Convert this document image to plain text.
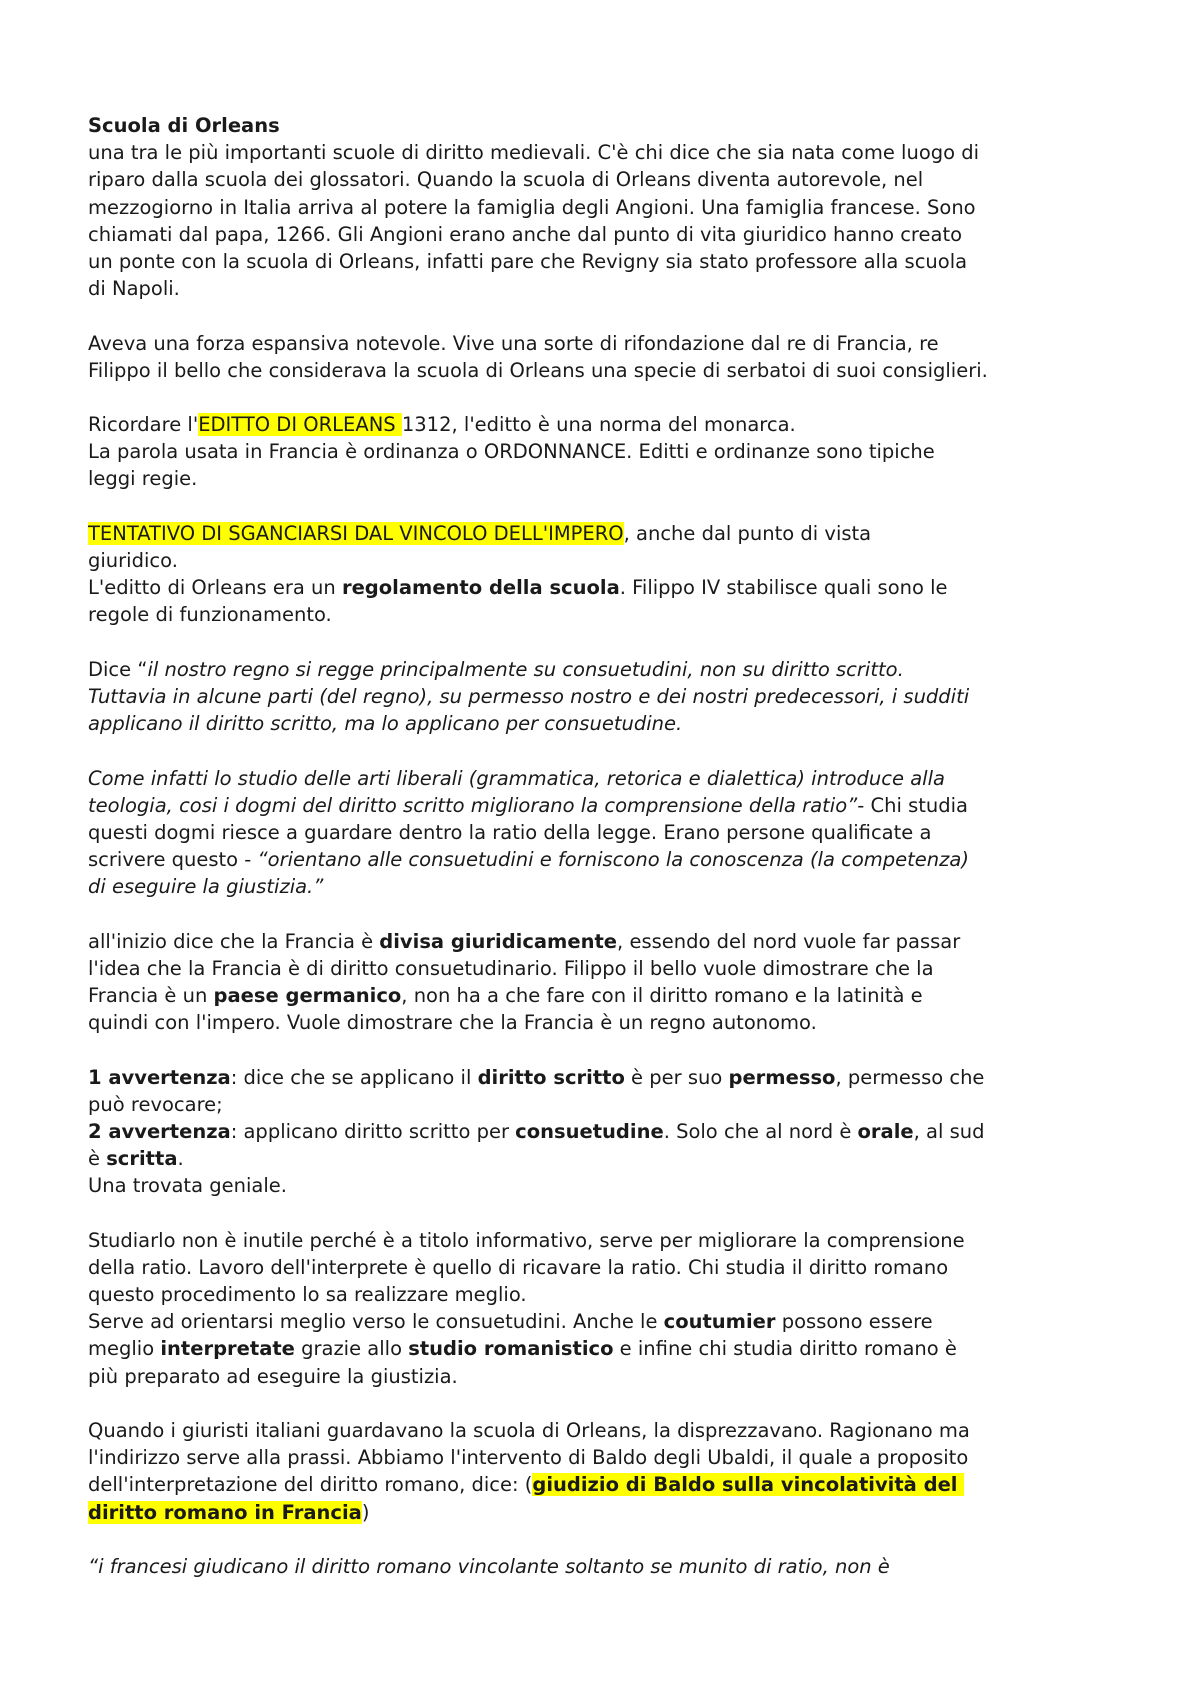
Scuola di Orleans
una tra le più importanti scuole di diritto medievali. C'è chi dice che sia nata come luogo di
riparo dalla scuola dei glossatori. Quando la scuola di Orleans diventa autorevole, nel
mezzogiorno in Italia arriva al potere la famiglia degli Angioni. Una famiglia francese. Sono
chiamati dal papa, 1266. Gli Angioni erano anche dal punto di vita giuridico hanno creato
un ponte con la scuola di Orleans, infatti pare che Revigny sia stato professore alla scuola
di Napoli.
Aveva una forza espansiva notevole. Vive una sorte di rifondazione dal re di Francia, re
Filippo il bello che considerava la scuola di Orleans una specie di serbatoi di suoi consiglieri.
Ricordare l'EDITTO DI ORLEANS 1312, l'editto è una norma del monarca.
La parola usata in Francia è ordinanza o ORDONNANCE. Editti e ordinanze sono tipiche
leggi regie.
TENTATIVO DI SGANCIARSI DAL VINCOLO DELL'IMPERO, anche dal punto di vista
giuridico.
L'editto di Orleans era un regolamento della scuola. Filippo IV stabilisce quali sono le
regole di funzionamento.
Dice “il nostro regno si regge principalmente su consuetudini, non su diritto scritto.
Tuttavia in alcune parti (del regno), su permesso nostro e dei nostri predecessori, i sudditi
applicano il diritto scritto, ma lo applicano per consuetudine.
Come infatti lo studio delle arti liberali (grammatica, retorica e dialettica) introduce alla
teologia, cosi i dogmi del diritto scritto migliorano la comprensione della ratio”- Chi studia
questi dogmi riesce a guardare dentro la ratio della legge. Erano persone qualificate a
scrivere questo - “orientano alle consuetudini e forniscono la conoscenza (la competenza)
di eseguire la giustizia.”
all'inizio dice che la Francia è divisa giuridicamente, essendo del nord vuole far passar
l'idea che la Francia è di diritto consuetudinario. Filippo il bello vuole dimostrare che la
Francia è un paese germanico, non ha a che fare con il diritto romano e la latinità e
quindi con l'impero. Vuole dimostrare che la Francia è un regno autonomo.
1 avvertenza: dice che se applicano il diritto scritto è per suo permesso, permesso che
può revocare;
2 avvertenza: applicano diritto scritto per consuetudine. Solo che al nord è orale, al sud
è scritta.
Una trovata geniale.
Studiarlo non è inutile perché è a titolo informativo, serve per migliorare la comprensione
della ratio. Lavoro dell'interprete è quello di ricavare la ratio. Chi studia il diritto romano
questo procedimento lo sa realizzare meglio.
Serve ad orientarsi meglio verso le consuetudini. Anche le coutumier possono essere
meglio interpretate grazie allo studio romanistico e infine chi studia diritto romano è
più preparato ad eseguire la giustizia.
Quando i giuristi italiani guardavano la scuola di Orleans, la disprezzavano. Ragionano ma
l'indirizzo serve alla prassi. Abbiamo l'intervento di Baldo degli Ubaldi, il quale a proposito
dell'interpretazione del diritto romano, dice: (giudizio di Baldo sulla vincolatività del
diritto romano in Francia)
“i francesi giudicano il diritto romano vincolante soltanto se munito di ratio, non è
